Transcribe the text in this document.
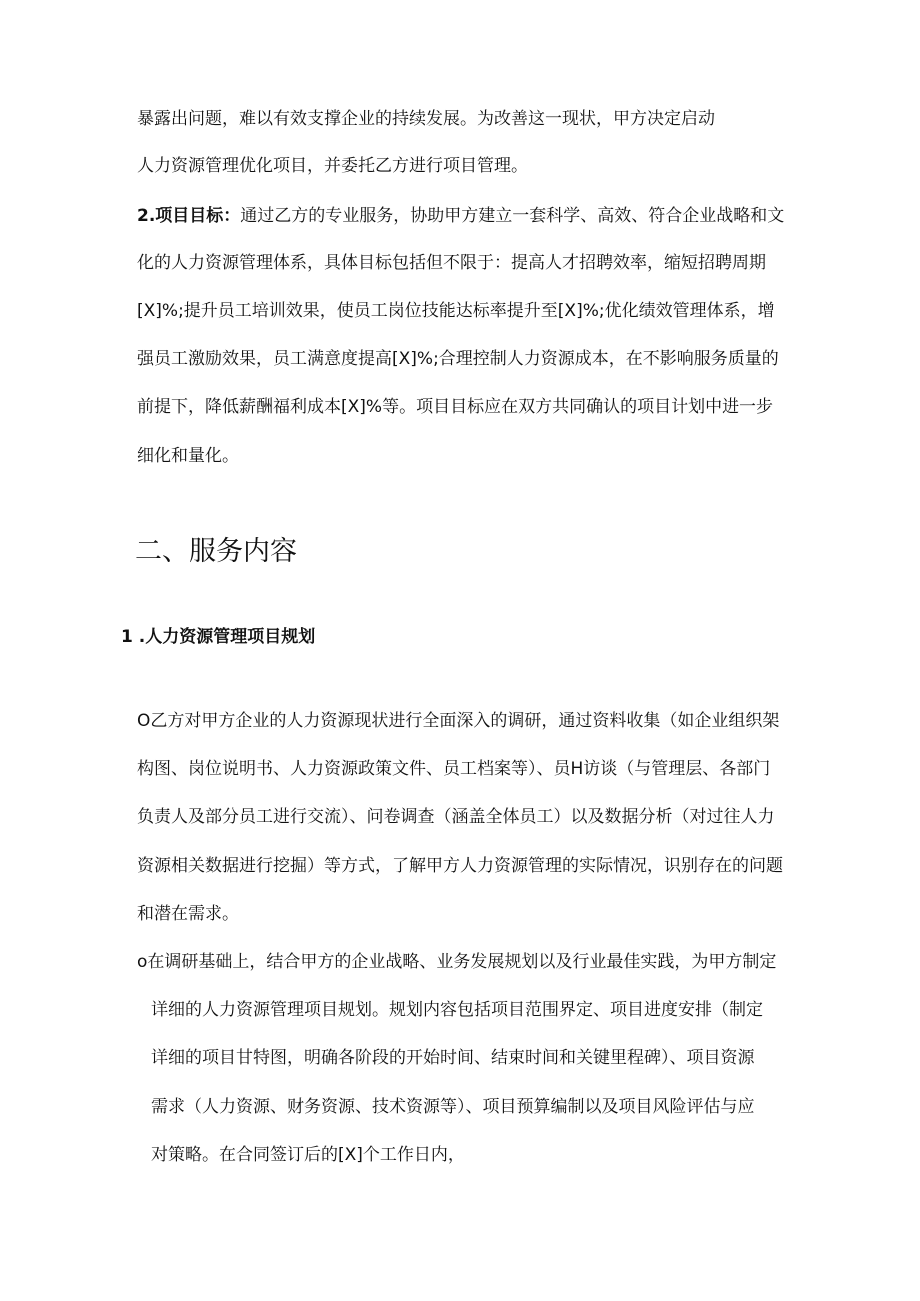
暴露出问题，难以有效支撑企业的持续发展。为改善这一现状，甲方决定启动
人力资源管理优化项目，并委托乙方进行项目管理。
2.项目目标：通过乙方的专业服务，协助甲方建立一套科学、高效、符合企业战略和文
化的人力资源管理体系，具体目标包括但不限于：提高人才招聘效率，缩短招聘周期
[X]%;提升员工培训效果，使员工岗位技能达标率提升至[X]%;优化绩效管理体系，增
强员工激励效果，员工满意度提高[X]%;合理控制人力资源成本，在不影响服务质量的
前提下，降低薪酬福利成本[X]%等。项目目标应在双方共同确认的项目计划中进一步
细化和量化。
二、服务内容
1 .人力资源管理项目规划
O乙方对甲方企业的人力资源现状进行全面深入的调研，通过资料收集（如企业组织架
构图、岗位说明书、人力资源政策文件、员工档案等）、员H访谈（与管理层、各部门
负责人及部分员工进行交流）、问卷调查（涵盖全体员工）以及数据分析（对过往人力
资源相关数据进行挖掘）等方式，了解甲方人力资源管理的实际情况，识别存在的问题
和潜在需求。
o在调研基础上，结合甲方的企业战略、业务发展规划以及行业最佳实践，为甲方制定
详细的人力资源管理项目规划。规划内容包括项目范围界定、项目进度安排（制定
详细的项目甘特图，明确各阶段的开始时间、结束时间和关键里程碑）、项目资源
需求（人力资源、财务资源、技术资源等）、项目预算编制以及项目风险评估与应
对策略。在合同签订后的[X]个工作日内，
